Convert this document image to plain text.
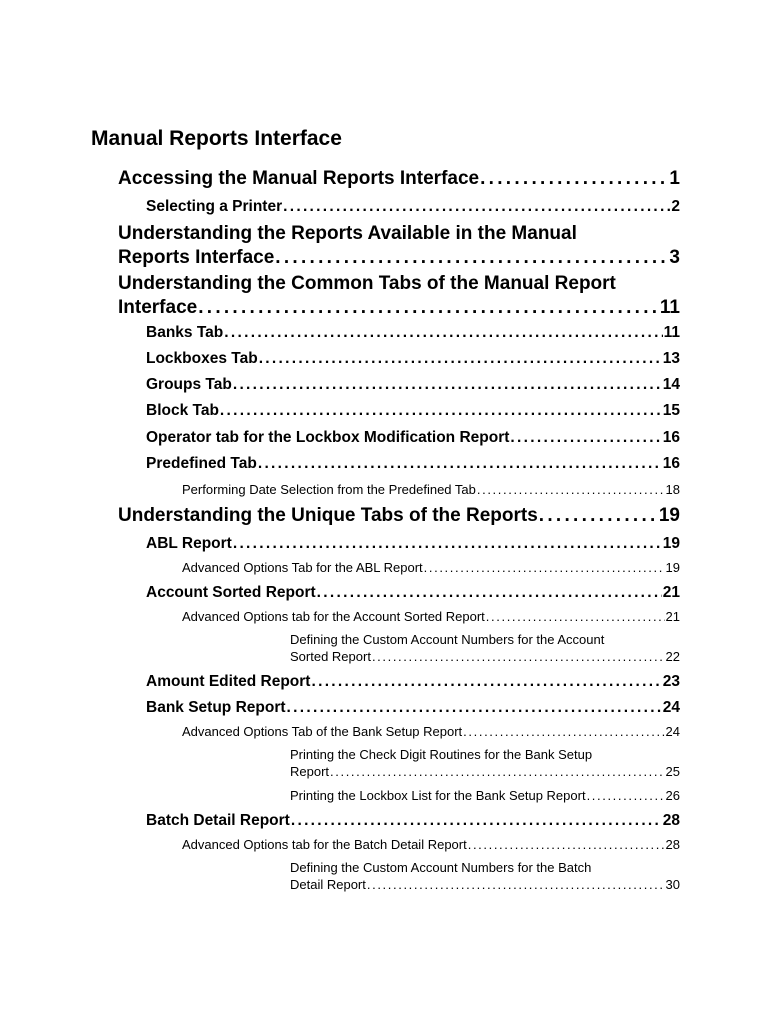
Manual Reports Interface
Accessing the Manual Reports Interface . . .	1
Selecting a Printer . . .	2
Understanding the Reports Available in the Manual
Reports Interface . . .	3
Understanding the Common Tabs of the Manual Report
Interface . . .	11
Banks Tab . . .	11
Lockboxes Tab . . .	13
Groups Tab . . .	14
Block Tab . . .	15
Operator tab for the Lockbox Modification Report . . .	16
Predefined Tab . . .	16
Performing Date Selection from the Predefined Tab . . .	18
Understanding the Unique Tabs of the Reports . . .	19
ABL Report . . .	19
Advanced Options Tab for the ABL Report . . .	19
Account Sorted Report . . .	21
Advanced Options tab for the Account Sorted Report . . .	21
Defining the Custom Account Numbers for the Account
Sorted Report . . .	22
Amount Edited Report . . .	23
Bank Setup Report . . .	24
Advanced Options Tab of the Bank Setup Report . . .	24
Printing the Check Digit Routines for the Bank Setup
Report . . .	25
Printing the Lockbox List for the Bank Setup Report . . .	26
Batch Detail Report . . .	28
Advanced Options tab for the Batch Detail Report . . .	28
Defining the Custom Account Numbers for the Batch
Detail Report . . .	30
